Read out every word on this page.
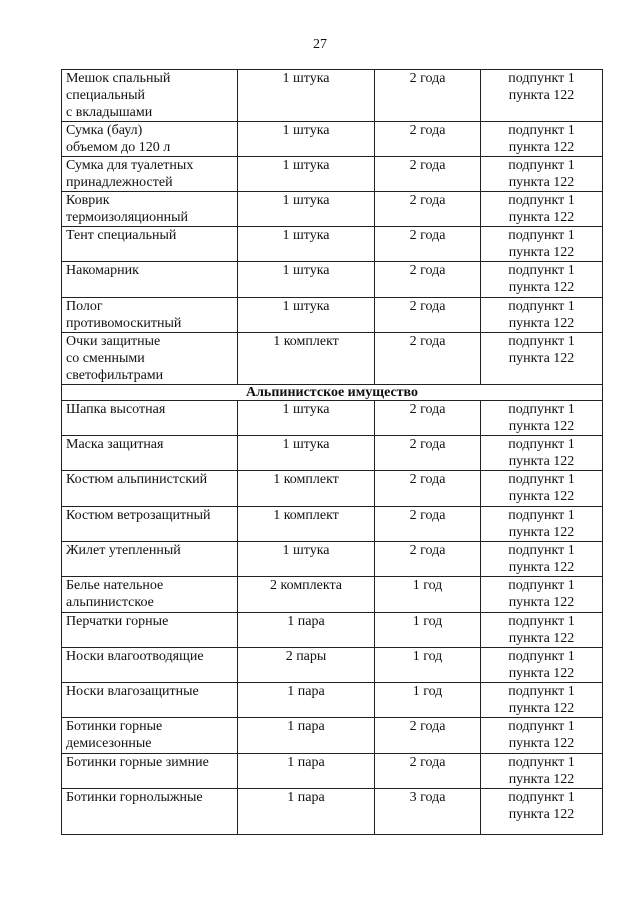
27
Мешок спальный
специальный
с вкладышами	1 штука	2 года	подпункт 1
пункта 122
Сумка (баул)
объемом до 120 л	1 штука	2 года	подпункт 1
пункта 122
Сумка для туалетных
принадлежностей	1 штука	2 года	подпункт 1
пункта 122
Коврик
термоизоляционный	1 штука	2 года	подпункт 1
пункта 122
Тент специальный	1 штука	2 года	подпункт 1
пункта 122
Накомарник	1 штука	2 года	подпункт 1
пункта 122
Полог
противомоскитный	1 штука	2 года	подпункт 1
пункта 122
Очки защитные
со сменными
светофильтрами	1 комплект	2 года	подпункт 1
пункта 122
Альпинистское имущество			
Шапка высотная	1 штука	2 года	подпункт 1
пункта 122
Маска защитная	1 штука	2 года	подпункт 1
пункта 122
Костюм альпинистский	1 комплект	2 года	подпункт 1
пункта 122
Костюм ветрозащитный	1 комплект	2 года	подпункт 1
пункта 122
Жилет утепленный	1 штука	2 года	подпункт 1
пункта 122
Белье нательное
альпинистское	2 комплекта	1 год	подпункт 1
пункта 122
Перчатки горные	1 пара	1 год	подпункт 1
пункта 122
Носки влагоотводящие	2 пары	1 год	подпункт 1
пункта 122
Носки влагозащитные	1 пара	1 год	подпункт 1
пункта 122
Ботинки горные
демисезонные	1 пара	2 года	подпункт 1
пункта 122
Ботинки горные зимние	1 пара	2 года	подпункт 1
пункта 122
Ботинки горнолыжные	1 пара	3 года	подпункт 1
пункта 122
